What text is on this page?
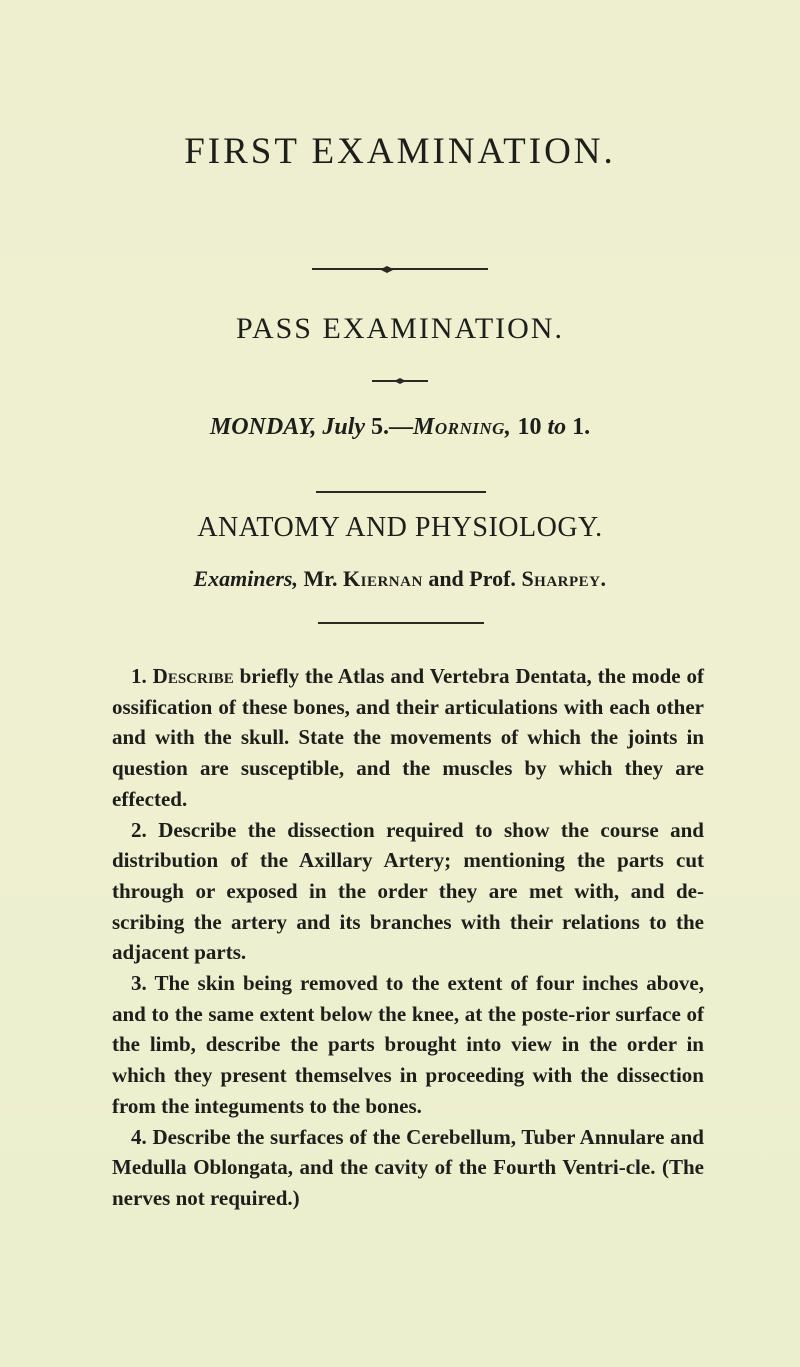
FIRST EXAMINATION.
PASS EXAMINATION.
MONDAY, July 5.—Morning, 10 to 1.
ANATOMY AND PHYSIOLOGY.
Examiners, Mr. Kiernan and Prof. Sharpey.

1. Describe briefly the Atlas and Vertebra Dentata, the mode of ossification of these bones, and their articulations with each other and with the skull. State the movements of which the joints in question are susceptible, and the muscles by which they are effected.

2. Describe the dissection required to show the course and distribution of the Axillary Artery; mentioning the parts cut through or exposed in the order they are met with, and de-scribing the artery and its branches with their relations to the adjacent parts.

3. The skin being removed to the extent of four inches above, and to the same extent below the knee, at the poste-rior surface of the limb, describe the parts brought into view in the order in which they present themselves in proceeding with the dissection from the integuments to the bones.

4. Describe the surfaces of the Cerebellum, Tuber Annulare and Medulla Oblongata, and the cavity of the Fourth Ventri-cle. (The nerves not required.)
